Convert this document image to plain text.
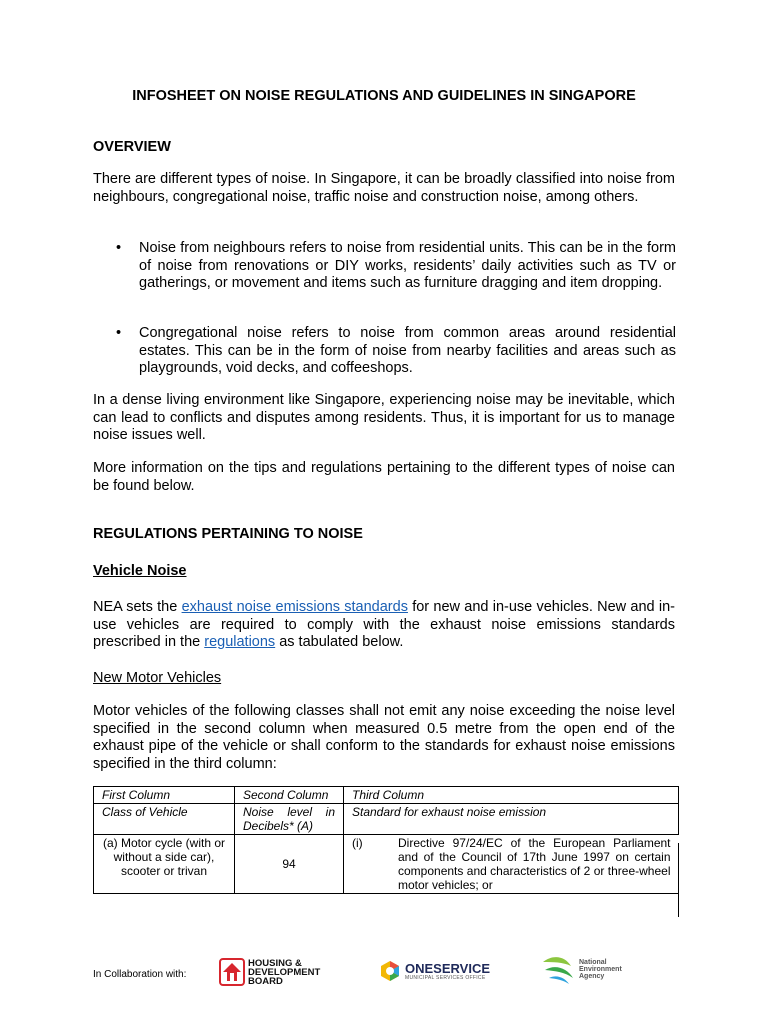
INFOSHEET ON NOISE REGULATIONS AND GUIDELINES IN SINGAPORE
OVERVIEW
There are different types of noise. In Singapore, it can be broadly classified into noise from neighbours, congregational noise, traffic noise and construction noise, among others.
• Noise from neighbours refers to noise from residential units. This can be in the form of noise from renovations or DIY works, residents’ daily activities such as TV or gatherings, or movement and items such as furniture dragging and item dropping.
• Congregational noise refers to noise from common areas around residential estates. This can be in the form of noise from nearby facilities and areas such as playgrounds, void decks, and coffeeshops.
In a dense living environment like Singapore, experiencing noise may be inevitable, which can lead to conflicts and disputes among residents. Thus, it is important for us to manage noise issues well.
More information on the tips and regulations pertaining to the different types of noise can be found below.
REGULATIONS PERTAINING TO NOISE
Vehicle Noise
NEA sets the exhaust noise emissions standards for new and in-use vehicles. New and in-use vehicles are required to comply with the exhaust noise emissions standards prescribed in the regulations as tabulated below.
New Motor Vehicles
Motor vehicles of the following classes shall not emit any noise exceeding the noise level specified in the second column when measured 0.5 metre from the open end of the exhaust pipe of the vehicle or shall conform to the standards for exhaust noise emissions specified in the third column:
First Column	Second Column	Third Column
Class of Vehicle	Noise level in Decibels* (A)	Standard for exhaust noise emission
(a) Motor cycle (with or without a side car), scooter or trivan	94	(i) Directive 97/24/EC of the European Parliament and of the Council of 17th June 1997 on certain components and characteristics of 2 or three-wheel motor vehicles; or
In Collaboration with:
HOUSING &
DEVELOPMENT
BOARD
ONESERVICE
MUNICIPAL SERVICES OFFICE
National
Environment
Agency
